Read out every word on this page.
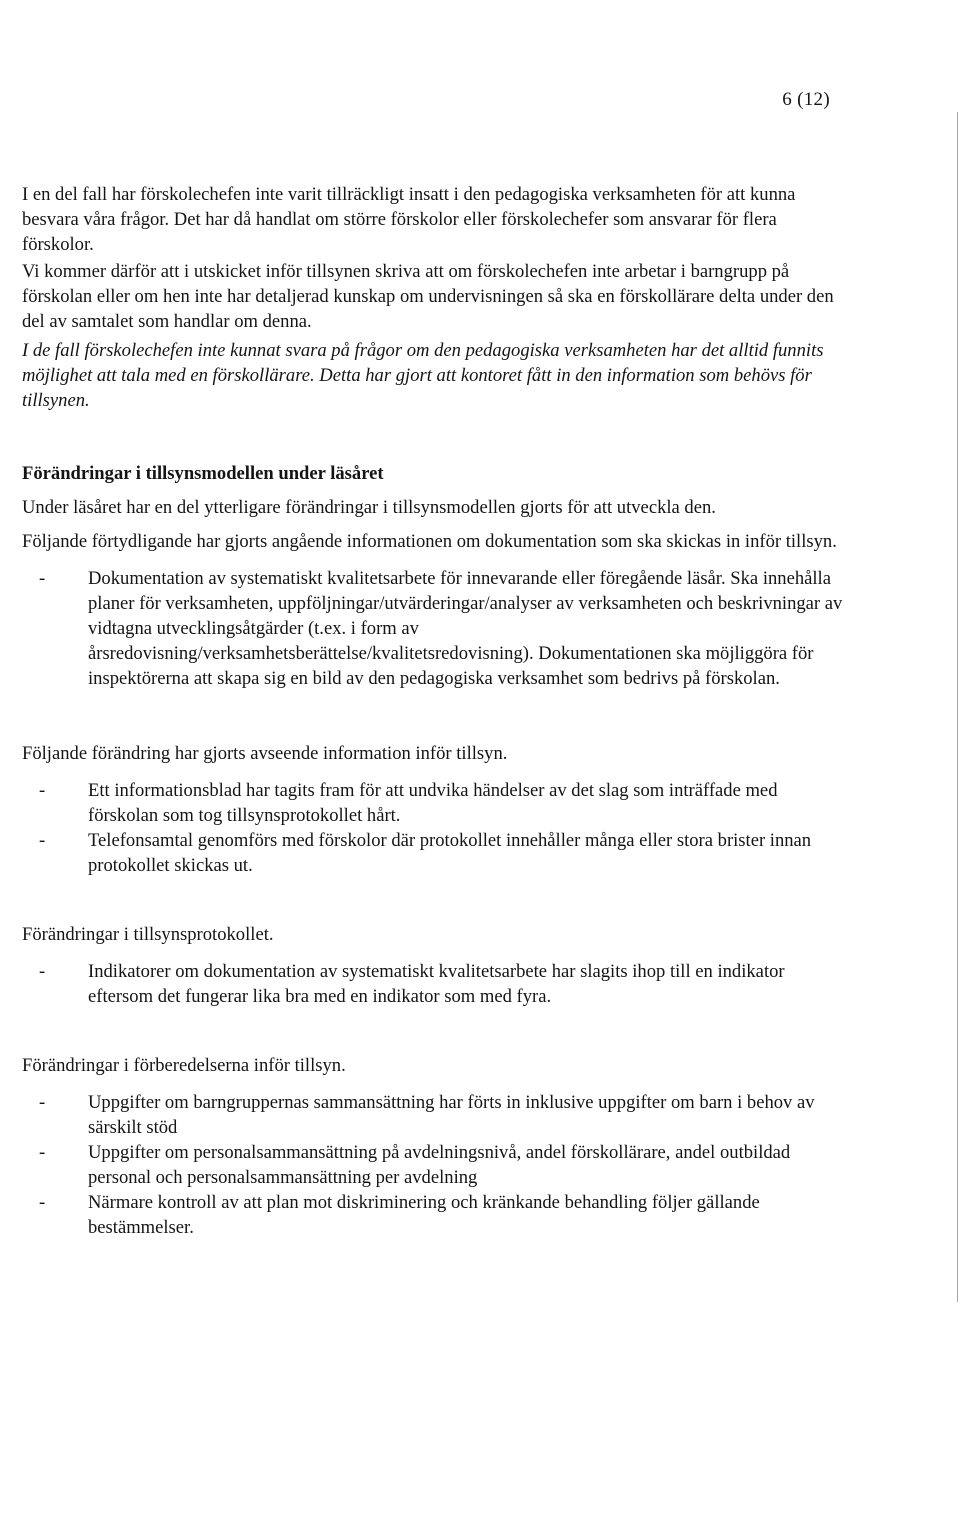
6 (12)

I en del fall har förskolechefen inte varit tillräckligt insatt i den pedagogiska verksamheten för att kunna besvara våra frågor. Det har då handlat om större förskolor eller förskolechefer som ansvarar för flera förskolor.

Vi kommer därför att i utskicket inför tillsynen skriva att om förskolechefen inte arbetar i barngrupp på förskolan eller om hen inte har detaljerad kunskap om undervisningen så ska en förskollärare delta under den del av samtalet som handlar om denna.

I de fall förskolechefen inte kunnat svara på frågor om den pedagogiska verksamheten har det alltid funnits möjlighet att tala med en förskollärare. Detta har gjort att kontoret fått in den information som behövs för tillsynen.

Förändringar i tillsynsmodellen under läsåret

Under läsåret har en del ytterligare förändringar i tillsynsmodellen gjorts för att utveckla den.

Följande förtydligande har gjorts angående informationen om dokumentation som ska skickas in inför tillsyn.

- Dokumentation av systematiskt kvalitetsarbete för innevarande eller föregående läsår. Ska innehålla planer för verksamheten, uppföljningar/utvärderingar/analyser av verksamheten och beskrivningar av vidtagna utvecklingsåtgärder (t.ex. i form av årsredovisning/verksamhetsberättelse/kvalitetsredovisning). Dokumentationen ska möjliggöra för inspektörerna att skapa sig en bild av den pedagogiska verksamhet som bedrivs på förskolan.

Följande förändring har gjorts avseende information inför tillsyn.

- Ett informationsblad har tagits fram för att undvika händelser av det slag som inträffade med förskolan som tog tillsynsprotokollet hårt.
- Telefonsamtal genomförs med förskolor där protokollet innehåller många eller stora brister innan protokollet skickas ut.

Förändringar i tillsynsprotokollet.

- Indikatorer om dokumentation av systematiskt kvalitetsarbete har slagits ihop till en indikator eftersom det fungerar lika bra med en indikator som med fyra.

Förändringar i förberedelserna inför tillsyn.

- Uppgifter om barngruppernas sammansättning har förts in inklusive uppgifter om barn i behov av särskilt stöd
- Uppgifter om personalsammansättning på avdelningsnivå, andel förskollärare, andel outbildad personal och personalsammansättning per avdelning
- Närmare kontroll av att plan mot diskriminering och kränkande behandling följer gällande bestämmelser.
